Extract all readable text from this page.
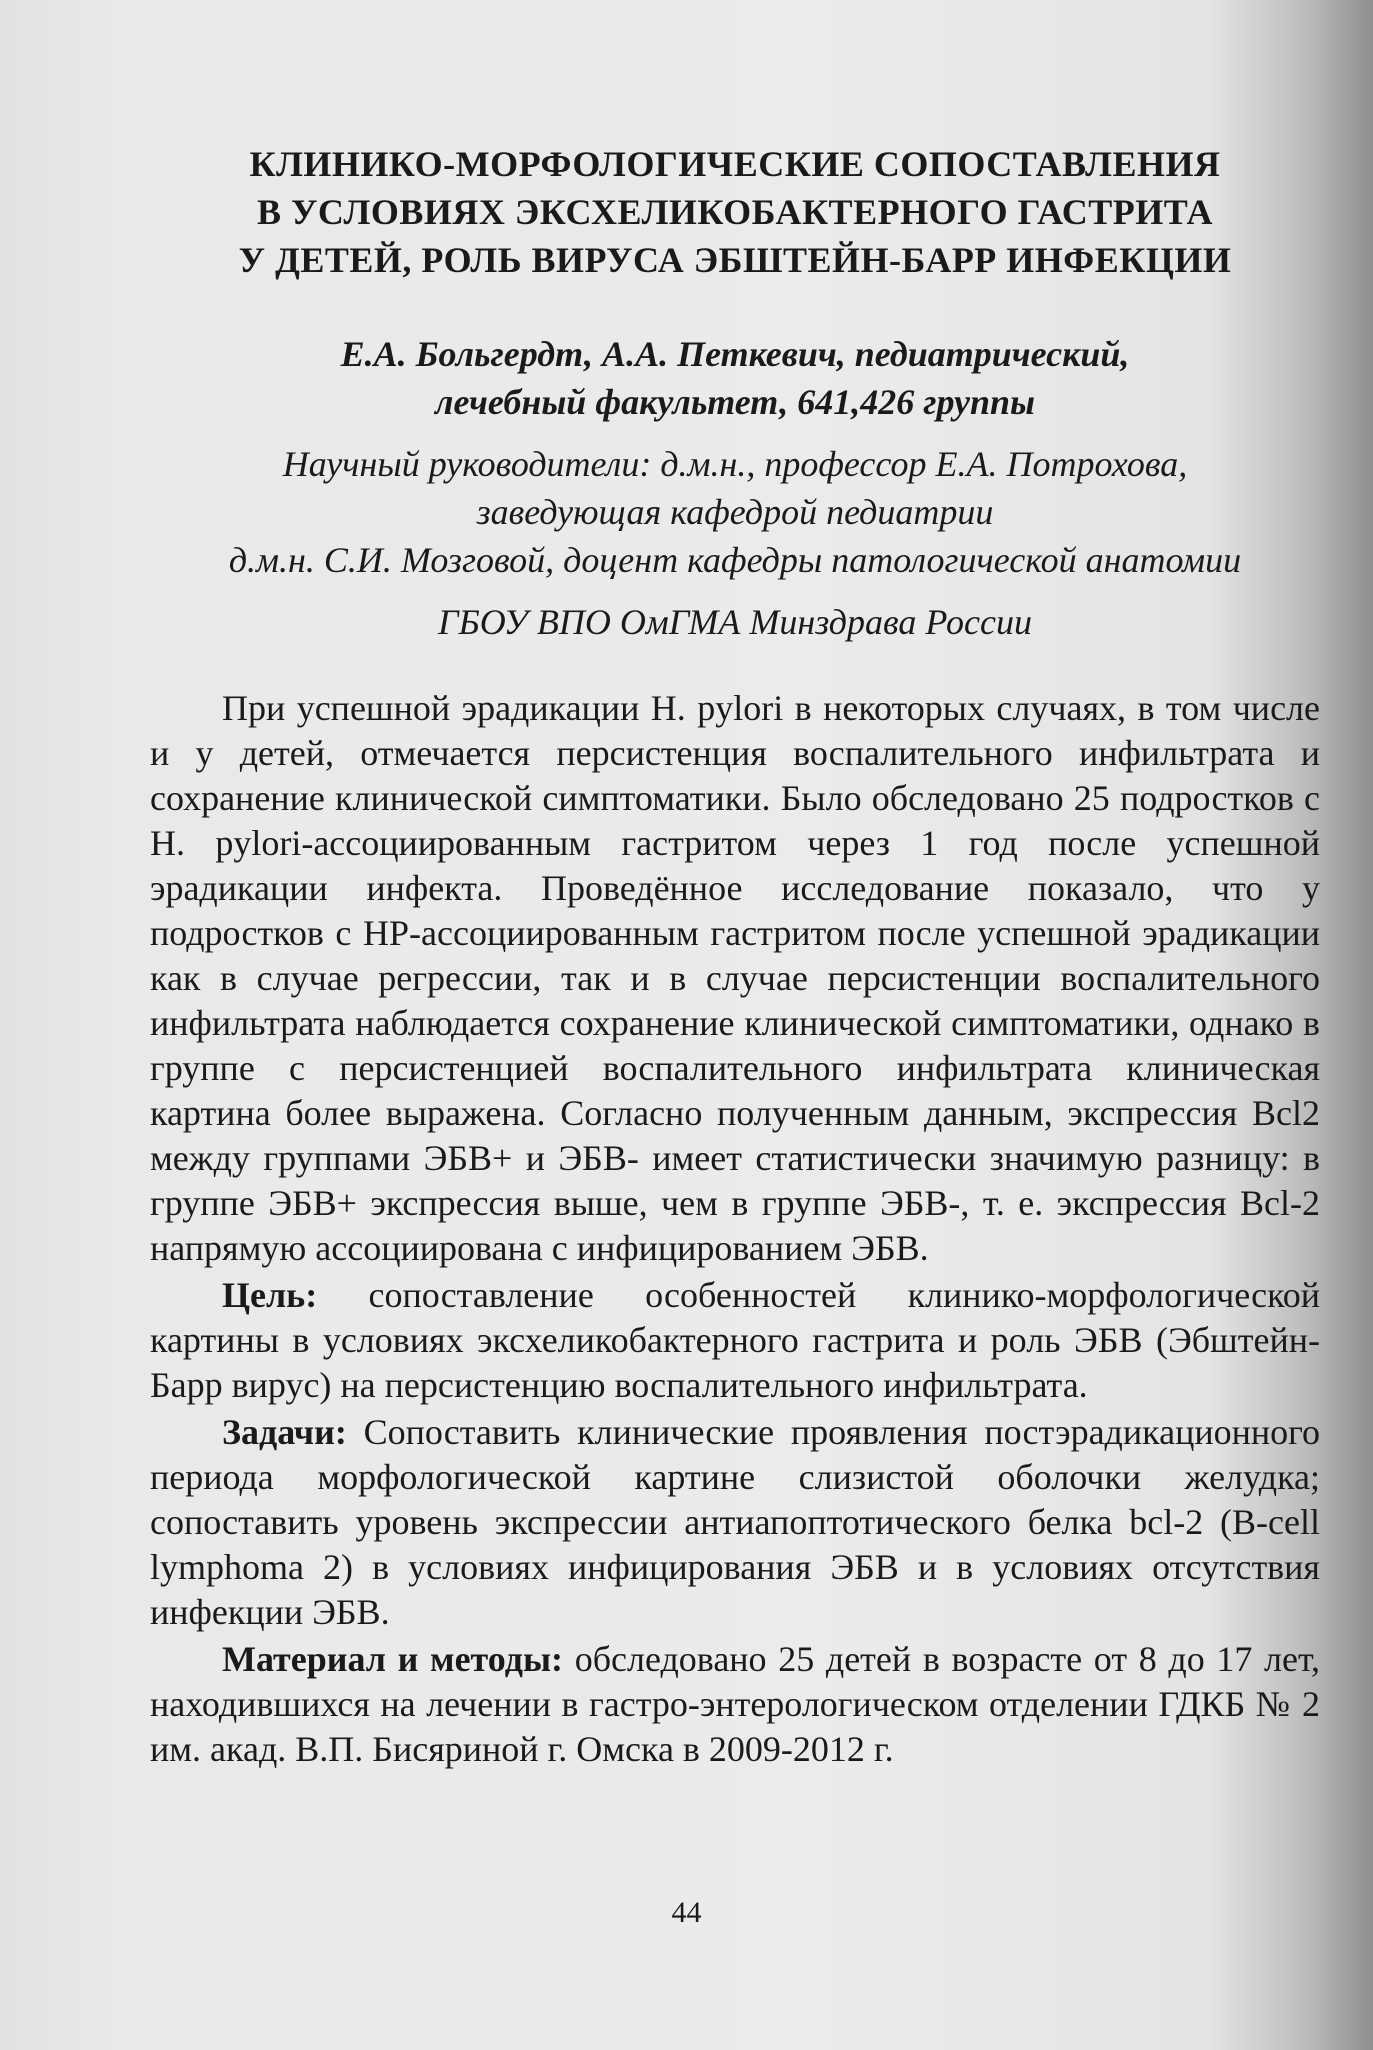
КЛИНИКО-МОРФОЛОГИЧЕСКИЕ СОПОСТАВЛЕНИЯ
В УСЛОВИЯХ ЭКСХЕЛИКОБАКТЕРНОГО ГАСТРИТА
У ДЕТЕЙ, РОЛЬ ВИРУСА ЭБШТЕЙН-БАРР ИНФЕКЦИИ
Е.А. Больгердт, А.А. Петкевич, педиатрический,
лечебный факультет, 641,426 группы
Научный руководители: д.м.н., профессор Е.А. Потрохова,
заведующая кафедрой педиатрии
д.м.н. С.И. Мозговой, доцент кафедры патологической анатомии
ГБОУ ВПО ОмГМА Минздрава России

При успешной эрадикации H. pylori в некоторых случаях, в том числе и у детей, отмечается персистенция воспалительного инфильтрата и сохранение клинической симптоматики. Было обследовано 25 подростков с H. pylori-ассоциированным гастритом через 1 год после успешной эрадикации инфекта. Проведённое исследование показало, что у подростков с HP-ассоциированным гастритом после успешной эрадикации как в случае регрессии, так и в случае персистенции воспалительного инфильтрата наблюдается сохранение клинической симптоматики, однако в группе с персистенцией воспалительного инфильтрата клиническая картина более выражена. Согласно полученным данным, экспрессия Bcl2 между группами ЭБВ+ и ЭБВ- имеет статистически значимую разницу: в группе ЭБВ+ экспрессия выше, чем в группе ЭБВ-, т. е. экспрессия Bcl-2 напрямую ассоциирована с инфицированием ЭБВ.

Цель: сопоставление особенностей клинико-морфологической картины в условиях эксхеликобактерного гастрита и роль ЭБВ (Эбштейн-Барр вирус) на персистенцию воспалительного инфильтрата.

Задачи: Сопоставить клинические проявления постэрадикационного периода морфологической картине слизистой оболочки желудка; сопоставить уровень экспрессии антиапоптотического белка bcl-2 (B-cell lymphoma 2) в условиях инфицирования ЭБВ и в условиях отсутствия инфекции ЭБВ.

Материал и методы: обследовано 25 детей в возрасте от 8 до 17 лет, находившихся на лечении в гастро-энтерологическом отделении ГДКБ № 2 им. акад. В.П. Бисяриной г. Омска в 2009-2012 г.

44
